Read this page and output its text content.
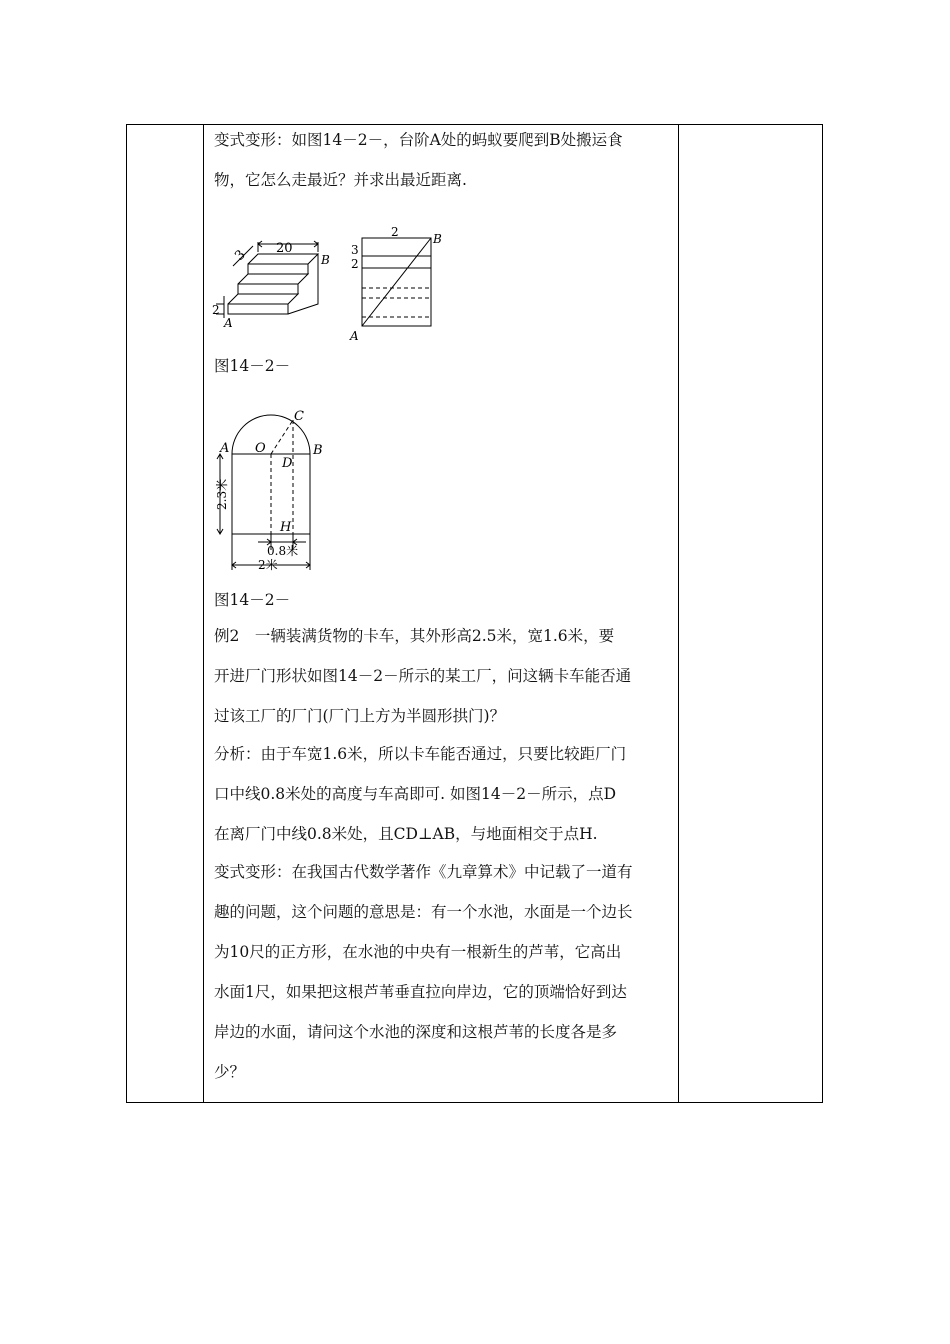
变式变形：如图14－2－，台阶A处的蚂蚁要爬到B处搬运食
物，它怎么走最近？并求出最近距离.
20
3
2
A
B
2
3
2
A
B
图14－2－
A O
C
D
B
H
2.3米
0.8米
2米
图14－2－
例2　一辆装满货物的卡车，其外形高2.5米，宽1.6米，要
开进厂门形状如图14－2－所示的某工厂，问这辆卡车能否通
过该工厂的厂门(厂门上方为半圆形拱门)？
分析：由于车宽1.6米，所以卡车能否通过，只要比较距厂门
口中线0.8米处的高度与车高即可. 如图14－2－所示，点D
在离厂门中线0.8米处，且CD⊥AB，与地面相交于点H.
变式变形：在我国古代数学著作《九章算术》中记载了一道有
趣的问题，这个问题的意思是：有一个水池，水面是一个边长
为10尺的正方形，在水池的中央有一根新生的芦苇，它高出
水面1尺，如果把这根芦苇垂直拉向岸边，它的顶端恰好到达
岸边的水面，请问这个水池的深度和这根芦苇的长度各是多
少？
